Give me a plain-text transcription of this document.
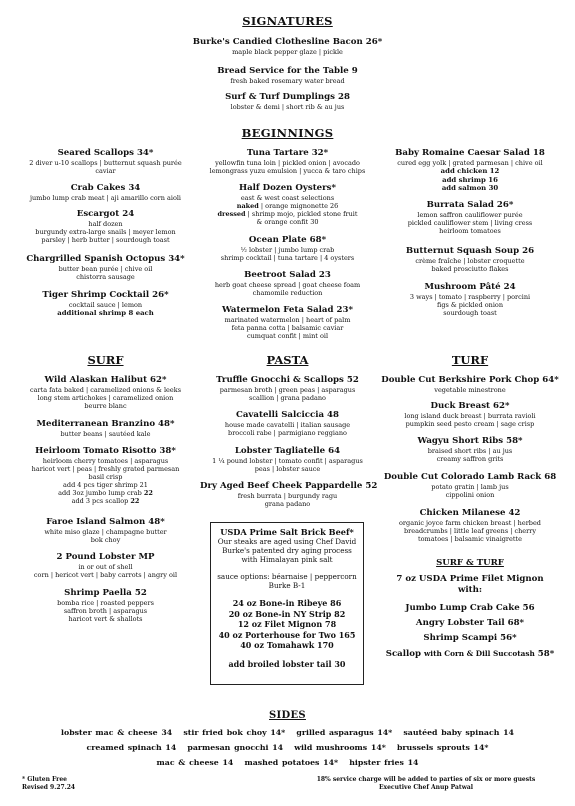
SIGNATURES
Burke's Candied Clothesline Bacon 26*
maple black pepper glaze | pickle
Bread Service for the Table 9
fresh baked rosemary water bread
Surf & Turf Dumplings 28
lobster & demi | short rib & au jus
BEGINNINGS
Seared Scallops 34*
2 diver u-10 scallops | butternut squash purée
caviar
Crab Cakes 34
jumbo lump crab meat | aji amarillo corn aioli
Escargot 24
half dozen
burgundy extra-large snails | meyer lemon
parsley | herb butter | sourdough toast
Chargrilled Spanish Octopus 34*
butter bean purée | chive oil
chistorra sausage
Tiger Shrimp Cocktail 26*
cocktail sauce | lemon
additional shrimp 8 each
Tuna Tartare 32*
yellowfin tuna loin | pickled onion | avocado
lemongrass yuzu emulsion | yucca & taro chips
Half Dozen Oysters*
east & west coast selections
naked | orange mignonette 26
dressed | shrimp mojo, pickled stone fruit
& orange confit 30
Ocean Plate 68*
½ lobster | jumbo lump crab
shrimp cocktail | tuna tartare | 4 oysters
Beetroot Salad 23
herb goat cheese spread | goat cheese foam
chamomile reduction
Watermelon Feta Salad 23*
marinated watermelon | heart of palm
feta panna cotta | balsamic caviar
cumquat confit | mint oil
Baby Romaine Caesar Salad 18
cured egg yolk | grated parmesan | chive oil
add chicken 12
add shrimp 16
add salmon 30
Burrata Salad 26*
lemon saffron cauliflower purée
pickled cauliflower stem | living cress
heirloom tomatoes
Butternut Squash Soup 26
crème fraîche | lobster croquette
baked prosciutto flakes
Mushroom Pâté 24
3 ways | tomato | raspberry | porcini
figs & pickled onion
sourdough toast
SURF	PASTA	TURF
Wild Alaskan Halibut 62*
carta fata baked | caramelized onions & leeks
long stem artichokes | caramelized onion
beurre blanc
Mediterranean Branzino 48*
butter beans | sautéed kale
Heirloom Tomato Risotto 38*
heirloom cherry tomatoes | asparagus
haricot vert | peas | freshly grated parmesan
basil crisp
add 4 pcs tiger shrimp 21
add 3oz jumbo lump crab 22
add 3 pcs scallop 22
Faroe Island Salmon 48*
white miso glaze | champagne butter
bok choy
2 Pound Lobster MP
in or out of shell
corn | hericot vert | baby carrots | angry oil
Shrimp Paella 52
bomba rice | roasted peppers
saffron broth | asparagus
haricot vert & shallots
Truffle Gnocchi & Scallops 52
parmesan broth | green peas | asparagus
scallion | grana padano
Cavatelli Salciccia 48
house made cavatelli | italian sausage
broccoli rabe | parmigiano reggiano
Lobster Tagliatelle 64
1 ¼ pound lobster | tomato confit | asparagus
peas | lobster sauce
Dry Aged Beef Cheek Pappardelle 52
fresh burrata | burgundy ragu
grana padano
USDA Prime Salt Brick Beef*
Our steaks are aged using Chef David
Burke's patented dry aging process
with Himalayan pink salt
sauce options: béarnaise | peppercorn
Burke B-1
24 oz Bone-in Ribeye 86
20 oz Bone-in NY Strip 82
12 oz Filet Mignon 78
40 oz Porterhouse for Two 165
40 oz Tomahawk 170
add broiled lobster tail 30
Double Cut Berkshire Pork Chop 64*
vegetable minestrone
Duck Breast 62*
long island duck breast | burrata ravioli
pumpkin seed pesto cream | sage crisp
Wagyu Short Ribs 58*
braised short ribs | au jus
creamy saffron grits
Double Cut Colorado Lamb Rack 68
potato gratin | lamb jus
cippolini onion
Chicken Milanese 42
organic joyce farm chicken breast | herbed
breadcrumbs | little leaf greens | cherry
tomatoes | balsamic vinaigrette
SURF & TURF
7 oz USDA Prime Filet Mignon
with:
Jumbo Lump Crab Cake 56
Angry Lobster Tail 68*
Shrimp Scampi 56*
Scallop with Corn & Dill Succotash 58*
SIDES
lobster mac & cheese 34 stir fried bok choy 14* grilled asparagus 14* sautéed baby spinach 14
creamed spinach 14 parmesan gnocchi 14 wild mushrooms 14* brussels sprouts 14*
mac & cheese 14 mashed potatoes 14* hipster fries 14
* Gluten Free
Revised 9.27.24
18% service charge will be added to parties of six or more guests
Executive Chef Anup Patwal
